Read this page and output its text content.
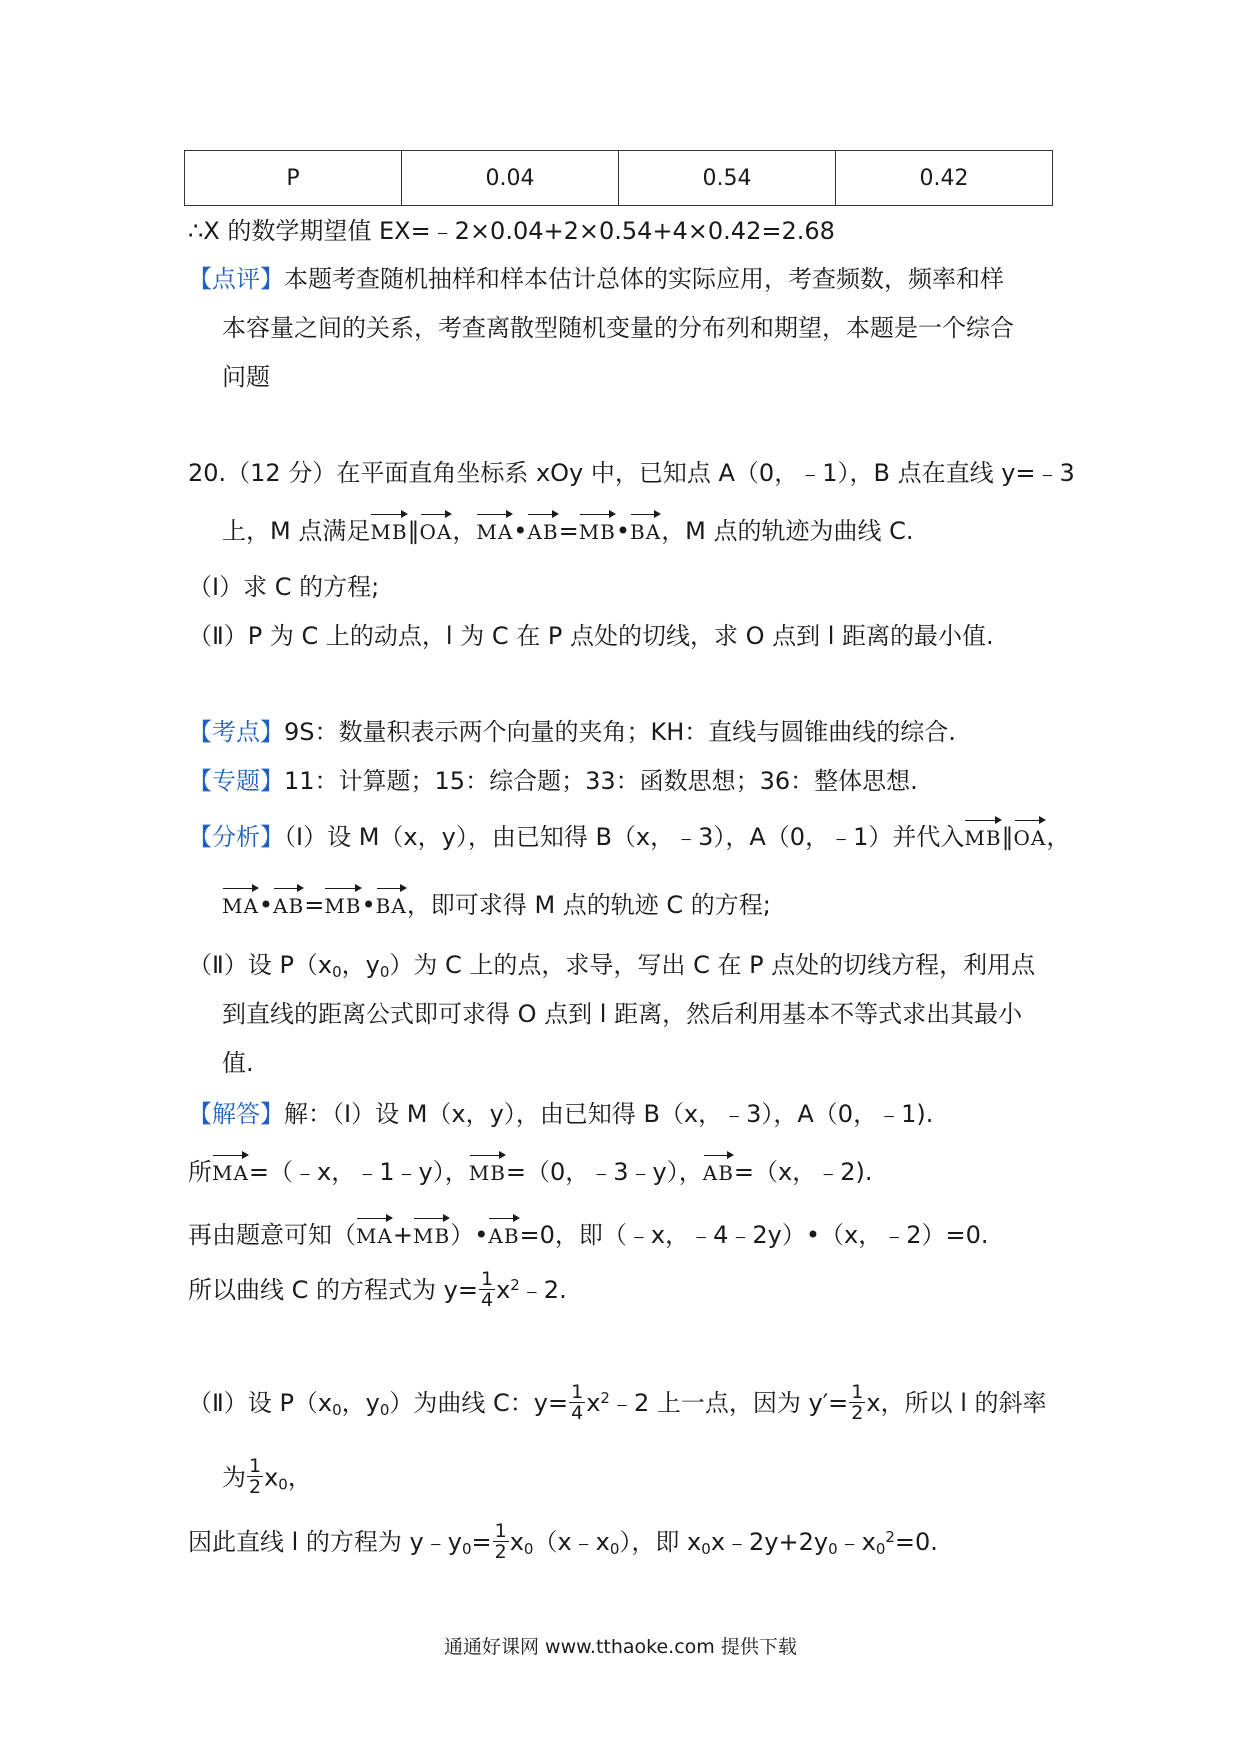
P	0.04	0.54	0.42
∴X 的数学期望值 EX=﹣2×0.04+2×0.54+4×0.42=2.68
【点评】本题考查随机抽样和样本估计总体的实际应用，考查频数，频率和样
本容量之间的关系，考查离散型随机变量的分布列和期望，本题是一个综合
问题
20.（12 分）在平面直角坐标系 xOy 中，已知点 A（0，﹣1），B 点在直线 y=﹣3
上，M 点满足MB∥OA，MA•AB=MB•BA，M 点的轨迹为曲线 C.
（Ⅰ）求 C 的方程;
（Ⅱ）P 为 C 上的动点，l 为 C 在 P 点处的切线，求 O 点到 l 距离的最小值.
【考点】9S：数量积表示两个向量的夹角；KH：直线与圆锥曲线的综合.
【专题】11：计算题；15：综合题；33：函数思想；36：整体思想.
【分析】（Ⅰ）设 M（x，y），由已知得 B（x，﹣3），A（0，﹣1）并代入MB∥OA，
MA•AB=MB•BA，即可求得 M 点的轨迹 C 的方程;
（Ⅱ）设 $P(x_0$，$y_0$）为 C 上的点，求导，写出 C 在 P 点处的切线方程，利用点
到直线的距离公式即可求得 O 点到 l 距离，然后利用基本不等式求出其最小
值.
【解答】解：（Ⅰ）设 M（x，y），由已知得 B（x，﹣3），A（0，﹣1).
所MA=（﹣x，﹣1﹣y），MB=（0，﹣3﹣y），AB=（x，﹣2).
再由题意可知（MA+MB）•AB=0，即（﹣x，﹣4﹣2y）•（x，﹣2）=0.
所以曲线 C 的方程式为 $y= \frac{1}{4}$ $x^2﹣2$.
（Ⅱ）设 $P(x_0$，$y_0$）为曲线 C：$y= \frac{1}{4}$ $x^2﹣2$ 上一点，因为 $y'= \frac{1}{2}$ x，所以 l 的斜率
为 $\frac{1}{2} x_0$，
因此直线 l 的方程为 $y﹣y_0= \frac{1}{2}$ $x_0(x﹣x_0)$，即 $x_0x﹣2y+2y_0﹣x_0^2=0$.
通通好课网 www.tthaoke.com 提供下载
